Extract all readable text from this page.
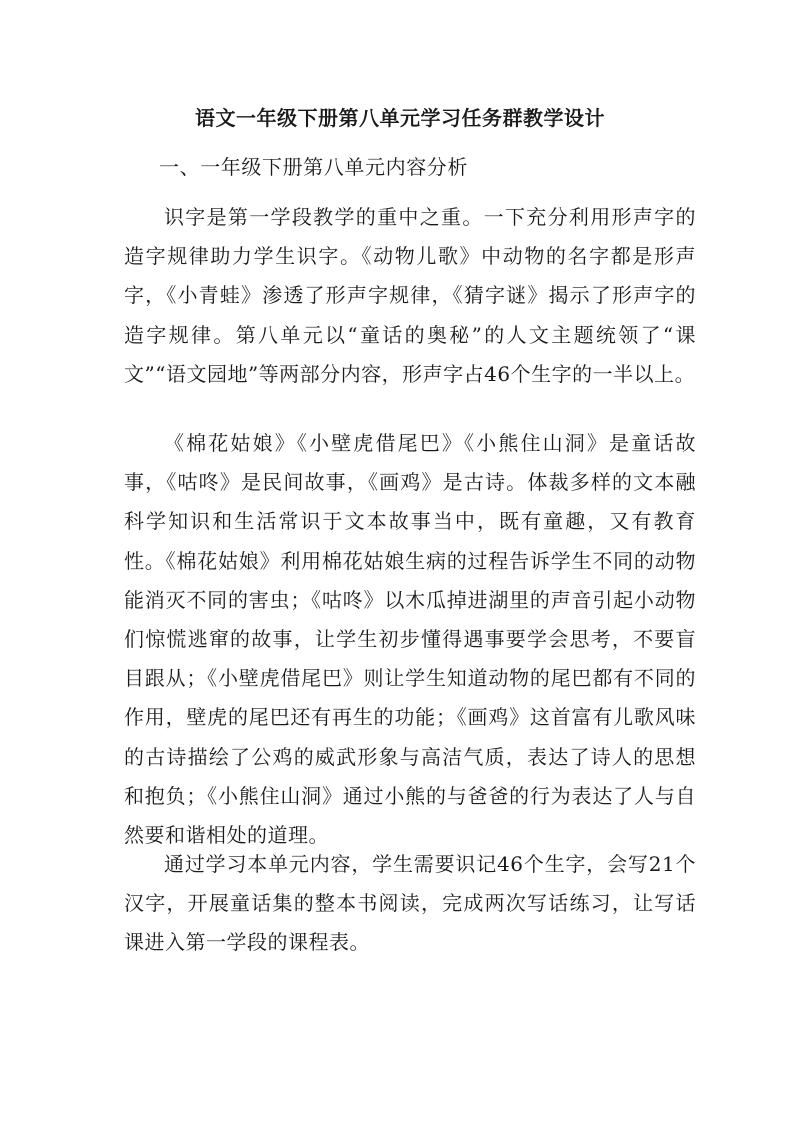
语文一年级下册第八单元学习任务群教学设计
一、一年级下册第八单元内容分析

识字是第一学段教学的重中之重。一下充分利用形声字的造字规律助力学生识字。《动物儿歌》中动物的名字都是形声字，《小青蛙》渗透了形声字规律，《猜字谜》揭示了形声字的造字规律。第八单元以“童话的奥秘”的人文主题统领了“课文”“语文园地”等两部分内容，形声字占46个生字的一半以上。

《棉花姑娘》《小壁虎借尾巴》《小熊住山洞》是童话故事，《咕咚》是民间故事，《画鸡》是古诗。体裁多样的文本融科学知识和生活常识于文本故事当中，既有童趣，又有教育性。《棉花姑娘》利用棉花姑娘生病的过程告诉学生不同的动物能消灭不同的害虫；《咕咚》以木瓜掉进湖里的声音引起小动物们惊慌逃窜的故事，让学生初步懂得遇事要学会思考，不要盲目跟从；《小壁虎借尾巴》则让学生知道动物的尾巴都有不同的作用，壁虎的尾巴还有再生的功能；《画鸡》这首富有儿歌风味的古诗描绘了公鸡的威武形象与高洁气质，表达了诗人的思想和抱负；《小熊住山洞》通过小熊的与爸爸的行为表达了人与自然要和谐相处的道理。

通过学习本单元内容，学生需要识记46个生字，会写21个汉字，开展童话集的整本书阅读，完成两次写话练习，让写话课进入第一学段的课程表。
